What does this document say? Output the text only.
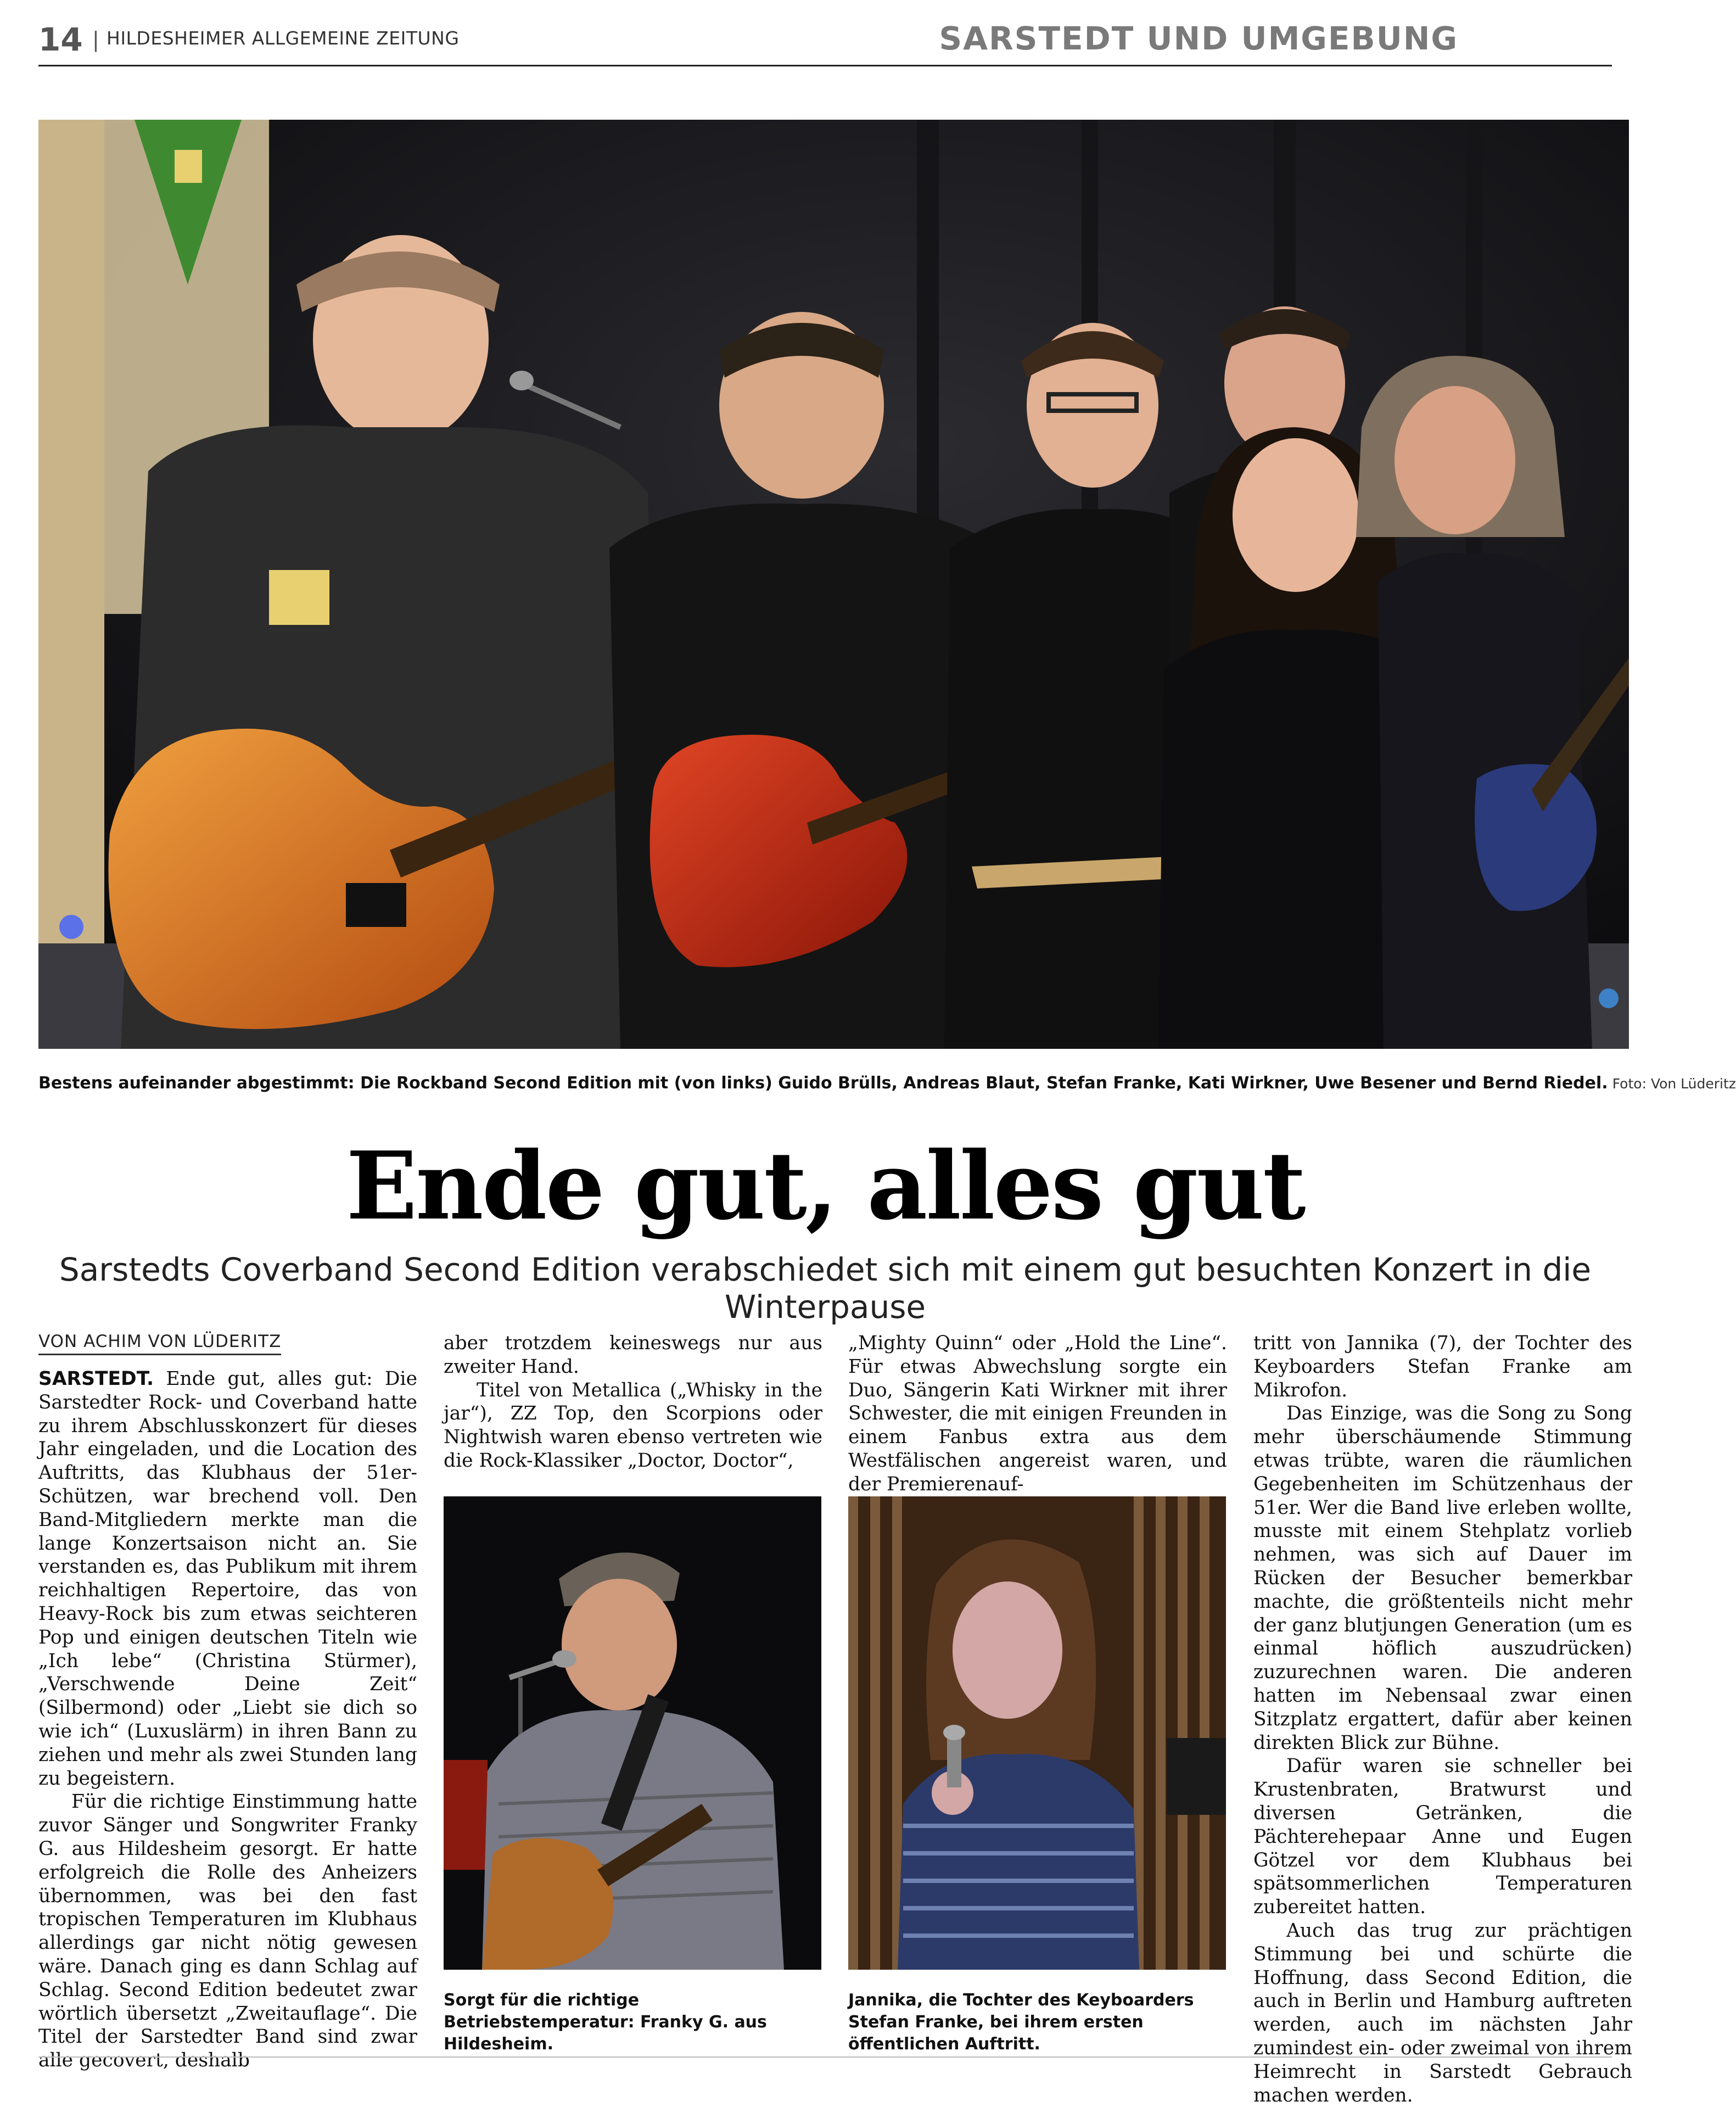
14 | HILDESHEIMER ALLGEMEINE ZEITUNG	SARSTEDT UND UMGEBUNG
Bestens aufeinander abgestimmt: Die Rockband Second Edition mit (von links) Guido Brülls, Andreas Blaut, Stefan Franke, Kati Wirkner, Uwe Besener und Bernd Riedel. Foto: Von Lüderitz
Ende gut, alles gut
Sarstedts Coverband Second Edition verabschiedet sich mit einem gut besuchten Konzert in die Winterpause
VON ACHIM VON LÜDERITZ

SARSTEDT. Ende gut, alles gut: Die Sarstedter Rock- und Coverband hatte zu ihrem Abschlusskonzert für dieses Jahr eingeladen, und die Location des Auftritts, das Klubhaus der 51er-Schützen, war brechend voll. Den Band-Mitgliedern merkte man die lange Konzertsaison nicht an. Sie verstanden es, das Publikum mit ihrem reichhaltigen Repertoire, das von Heavy-Rock bis zum etwas seichteren Pop und einigen deutschen Titeln wie „Ich lebe“ (Christina Stürmer), „Verschwende Deine Zeit“ (Silbermond) oder „Liebt sie dich so wie ich“ (Luxuslärm) in ihren Bann zu ziehen und mehr als zwei Stunden lang zu begeistern.

Für die richtige Einstimmung hatte zuvor Sänger und Songwriter Franky G. aus Hildesheim gesorgt. Er hatte erfolgreich die Rolle des Anheizers übernommen, was bei den fast tropischen Temperaturen im Klubhaus allerdings gar nicht nötig gewesen wäre. Danach ging es dann Schlag auf Schlag. Second Edition bedeutet zwar wörtlich übersetzt „Zweitauflage“. Die Titel der Sarstedter Band sind zwar alle gecovert, deshalb

aber trotzdem keineswegs nur aus zweiter Hand.

Titel von Metallica („Whisky in the jar“), ZZ Top, den Scorpions oder Nightwish waren ebenso vertreten wie die Rock-Klassiker „Doctor, Doctor“,

„Mighty Quinn“ oder „Hold the Line“. Für etwas Abwechslung sorgte ein Duo, Sängerin Kati Wirkner mit ihrer Schwester, die mit einigen Freunden in einem Fanbus extra aus dem Westfälischen angereist waren, und der Premierenauf-

tritt von Jannika (7), der Tochter des Keyboarders Stefan Franke am Mikrofon.

Das Einzige, was die Song zu Song mehr überschäumende Stimmung etwas trübte, waren die räumlichen Gegebenheiten im Schützenhaus der 51er. Wer die Band live erleben wollte, musste mit einem Stehplatz vorlieb nehmen, was sich auf Dauer im Rücken der Besucher bemerkbar machte, die größtenteils nicht mehr der ganz blutjungen Generation (um es einmal höflich auszudrücken) zuzurechnen waren. Die anderen hatten im Nebensaal zwar einen Sitzplatz ergattert, dafür aber keinen direkten Blick zur Bühne.

Dafür waren sie schneller bei Krustenbraten, Bratwurst und diversen Getränken, die Pächterehepaar Anne und Eugen Götzel vor dem Klubhaus bei spätsommerlichen Temperaturen zubereitet hatten.

Auch das trug zur prächtigen Stimmung bei und schürte die Hoffnung, dass Second Edition, die auch in Berlin und Hamburg auftreten werden, auch im nächsten Jahr zumindest ein- oder zweimal von ihrem Heimrecht in Sarstedt Gebrauch machen werden.

Sorgt für die richtige Betriebstemperatur: Franky G. aus Hildesheim.
Jannika, die Tochter des Keyboarders Stefan Franke, bei ihrem ersten öffentlichen Auftritt.
